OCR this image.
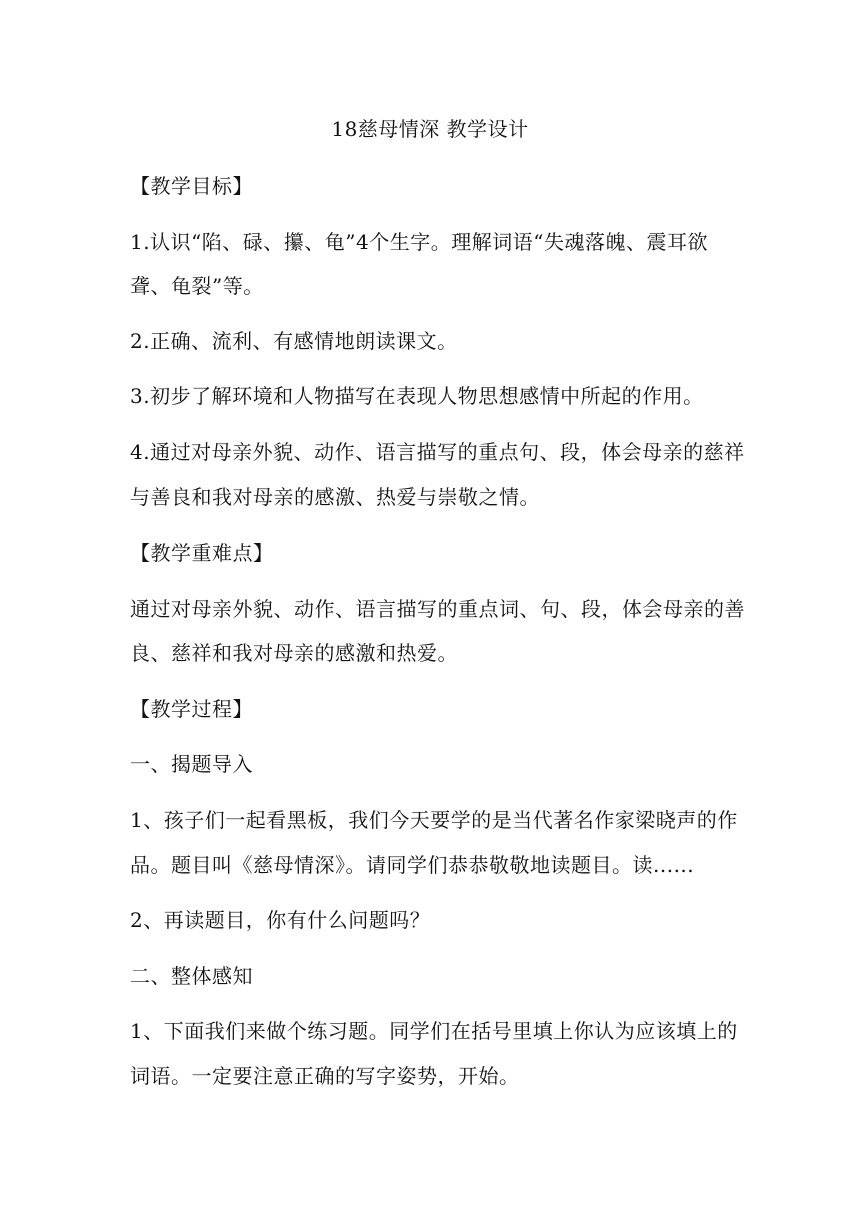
18慈母情深 教学设计
【教学目标】
1.认识“陷、碌、攥、龟”4个生字。理解词语“失魂落魄、震耳欲
聋、龟裂”等。
2.正确、流利、有感情地朗读课文。
3.初步了解环境和人物描写在表现人物思想感情中所起的作用。
4.通过对母亲外貌、动作、语言描写的重点句、段，体会母亲的慈祥
与善良和我对母亲的感激、热爱与崇敬之情。
【教学重难点】
通过对母亲外貌、动作、语言描写的重点词、句、段，体会母亲的善
良、慈祥和我对母亲的感激和热爱。
【教学过程】
一、揭题导入
1、孩子们一起看黑板，我们今天要学的是当代著名作家梁晓声的作
品。题目叫《慈母情深》。请同学们恭恭敬敬地读题目。读......
2、再读题目，你有什么问题吗？
二、整体感知
1、下面我们来做个练习题。同学们在括号里填上你认为应该填上的
词语。一定要注意正确的写字姿势，开始。
